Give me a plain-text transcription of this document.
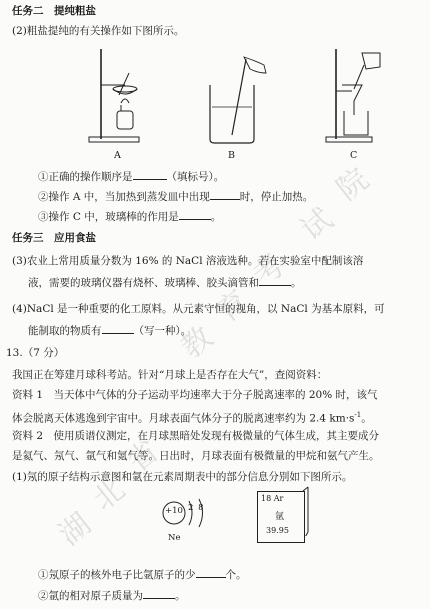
湖
北
省
教
育
考
试
院
任务二　提纯粗盐
(2)粗盐提纯的有关操作如下图所示。
A	B	C
①正确的操作顺序是	（填标号）。
②操作 A 中，当加热到蒸发皿中出现	时，停止加热。
③操作 C 中，玻璃棒的作用是	。
任务三　应用食盐
(3)农业上常用质量分数为 16% 的 NaCl 溶液选种。若在实验室中配制该溶
液，需要的玻璃仪器有烧杯、玻璃棒、胶头滴管和	。
(4)NaCl 是一种重要的化工原料。从元素守恒的视角，以 NaCl 为基本原料，可
能制取的物质有	（写一种）。
13.（7 分）
我国正在筹建月球科考站。针对“月球上是否存在大气”，查阅资料：
资料 1　当天体中气体的分子运动平均速率大于分子脱离速率的 20% 时，该气
体会脱离天体逃逸到宇宙中。月球表面气体分子的脱离速率约为 2.4 $km\cdot s^{-1}$。
资料 2　使用质谱仪测定，在月球黑暗处发现有极微量的气体生成，其主要成分
是氦气、氖气、氩气和氪气等。日出时，月球表面有极微量的甲烷和氨气产生。
(1)氖的原子结构示意图和氩在元素周期表中的部分信息分别如下图所示。
+10 2 8
Ne
18 Ar
氩
39.95
①氖原子的核外电子比氩原子的少	个。
②氩的相对原子质量为	。
